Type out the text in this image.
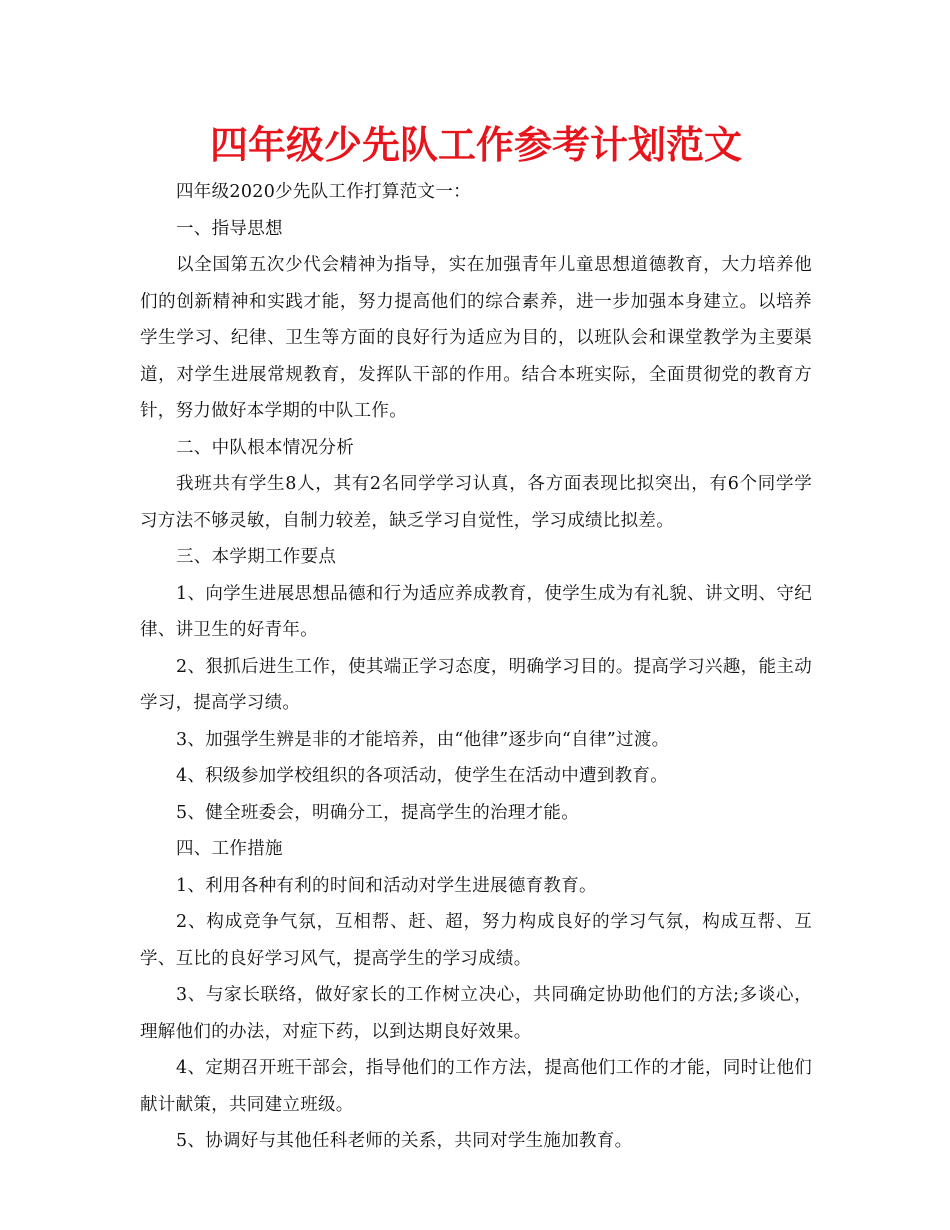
四年级少先队工作参考计划范文

四年级2020少先队工作打算范文一：

一、指导思想

以全国第五次少代会精神为指导，实在加强青年儿童思想道德教育，大力培养他们的创新精神和实践才能，努力提高他们的综合素养，进一步加强本身建立。以培养学生学习、纪律、卫生等方面的良好行为适应为目的，以班队会和课堂教学为主要渠道，对学生进展常规教育，发挥队干部的作用。结合本班实际，全面贯彻党的教育方针，努力做好本学期的中队工作。

二、中队根本情况分析

我班共有学生8人，其有2名同学学习认真，各方面表现比拟突出，有6个同学学习方法不够灵敏，自制力较差，缺乏学习自觉性，学习成绩比拟差。

三、本学期工作要点

1、向学生进展思想品德和行为适应养成教育，使学生成为有礼貌、讲文明、守纪律、讲卫生的好青年。

2、狠抓后进生工作，使其端正学习态度，明确学习目的。提高学习兴趣，能主动学习，提高学习绩。

3、加强学生辨是非的才能培养，由“他律”逐步向“自律”过渡。

4、积级参加学校组织的各项活动，使学生在活动中遭到教育。

5、健全班委会，明确分工，提高学生的治理才能。

四、工作措施

1、利用各种有利的时间和活动对学生进展德育教育。

2、构成竞争气氛，互相帮、赶、超，努力构成良好的学习气氛，构成互帮、互学、互比的良好学习风气，提高学生的学习成绩。

3、与家长联络，做好家长的工作树立决心，共同确定协助他们的方法;多谈心，理解他们的办法，对症下药，以到达期良好效果。

4、定期召开班干部会，指导他们的工作方法，提高他们工作的才能，同时让他们献计献策，共同建立班级。

5、协调好与其他任科老师的关系，共同对学生施加教育。
